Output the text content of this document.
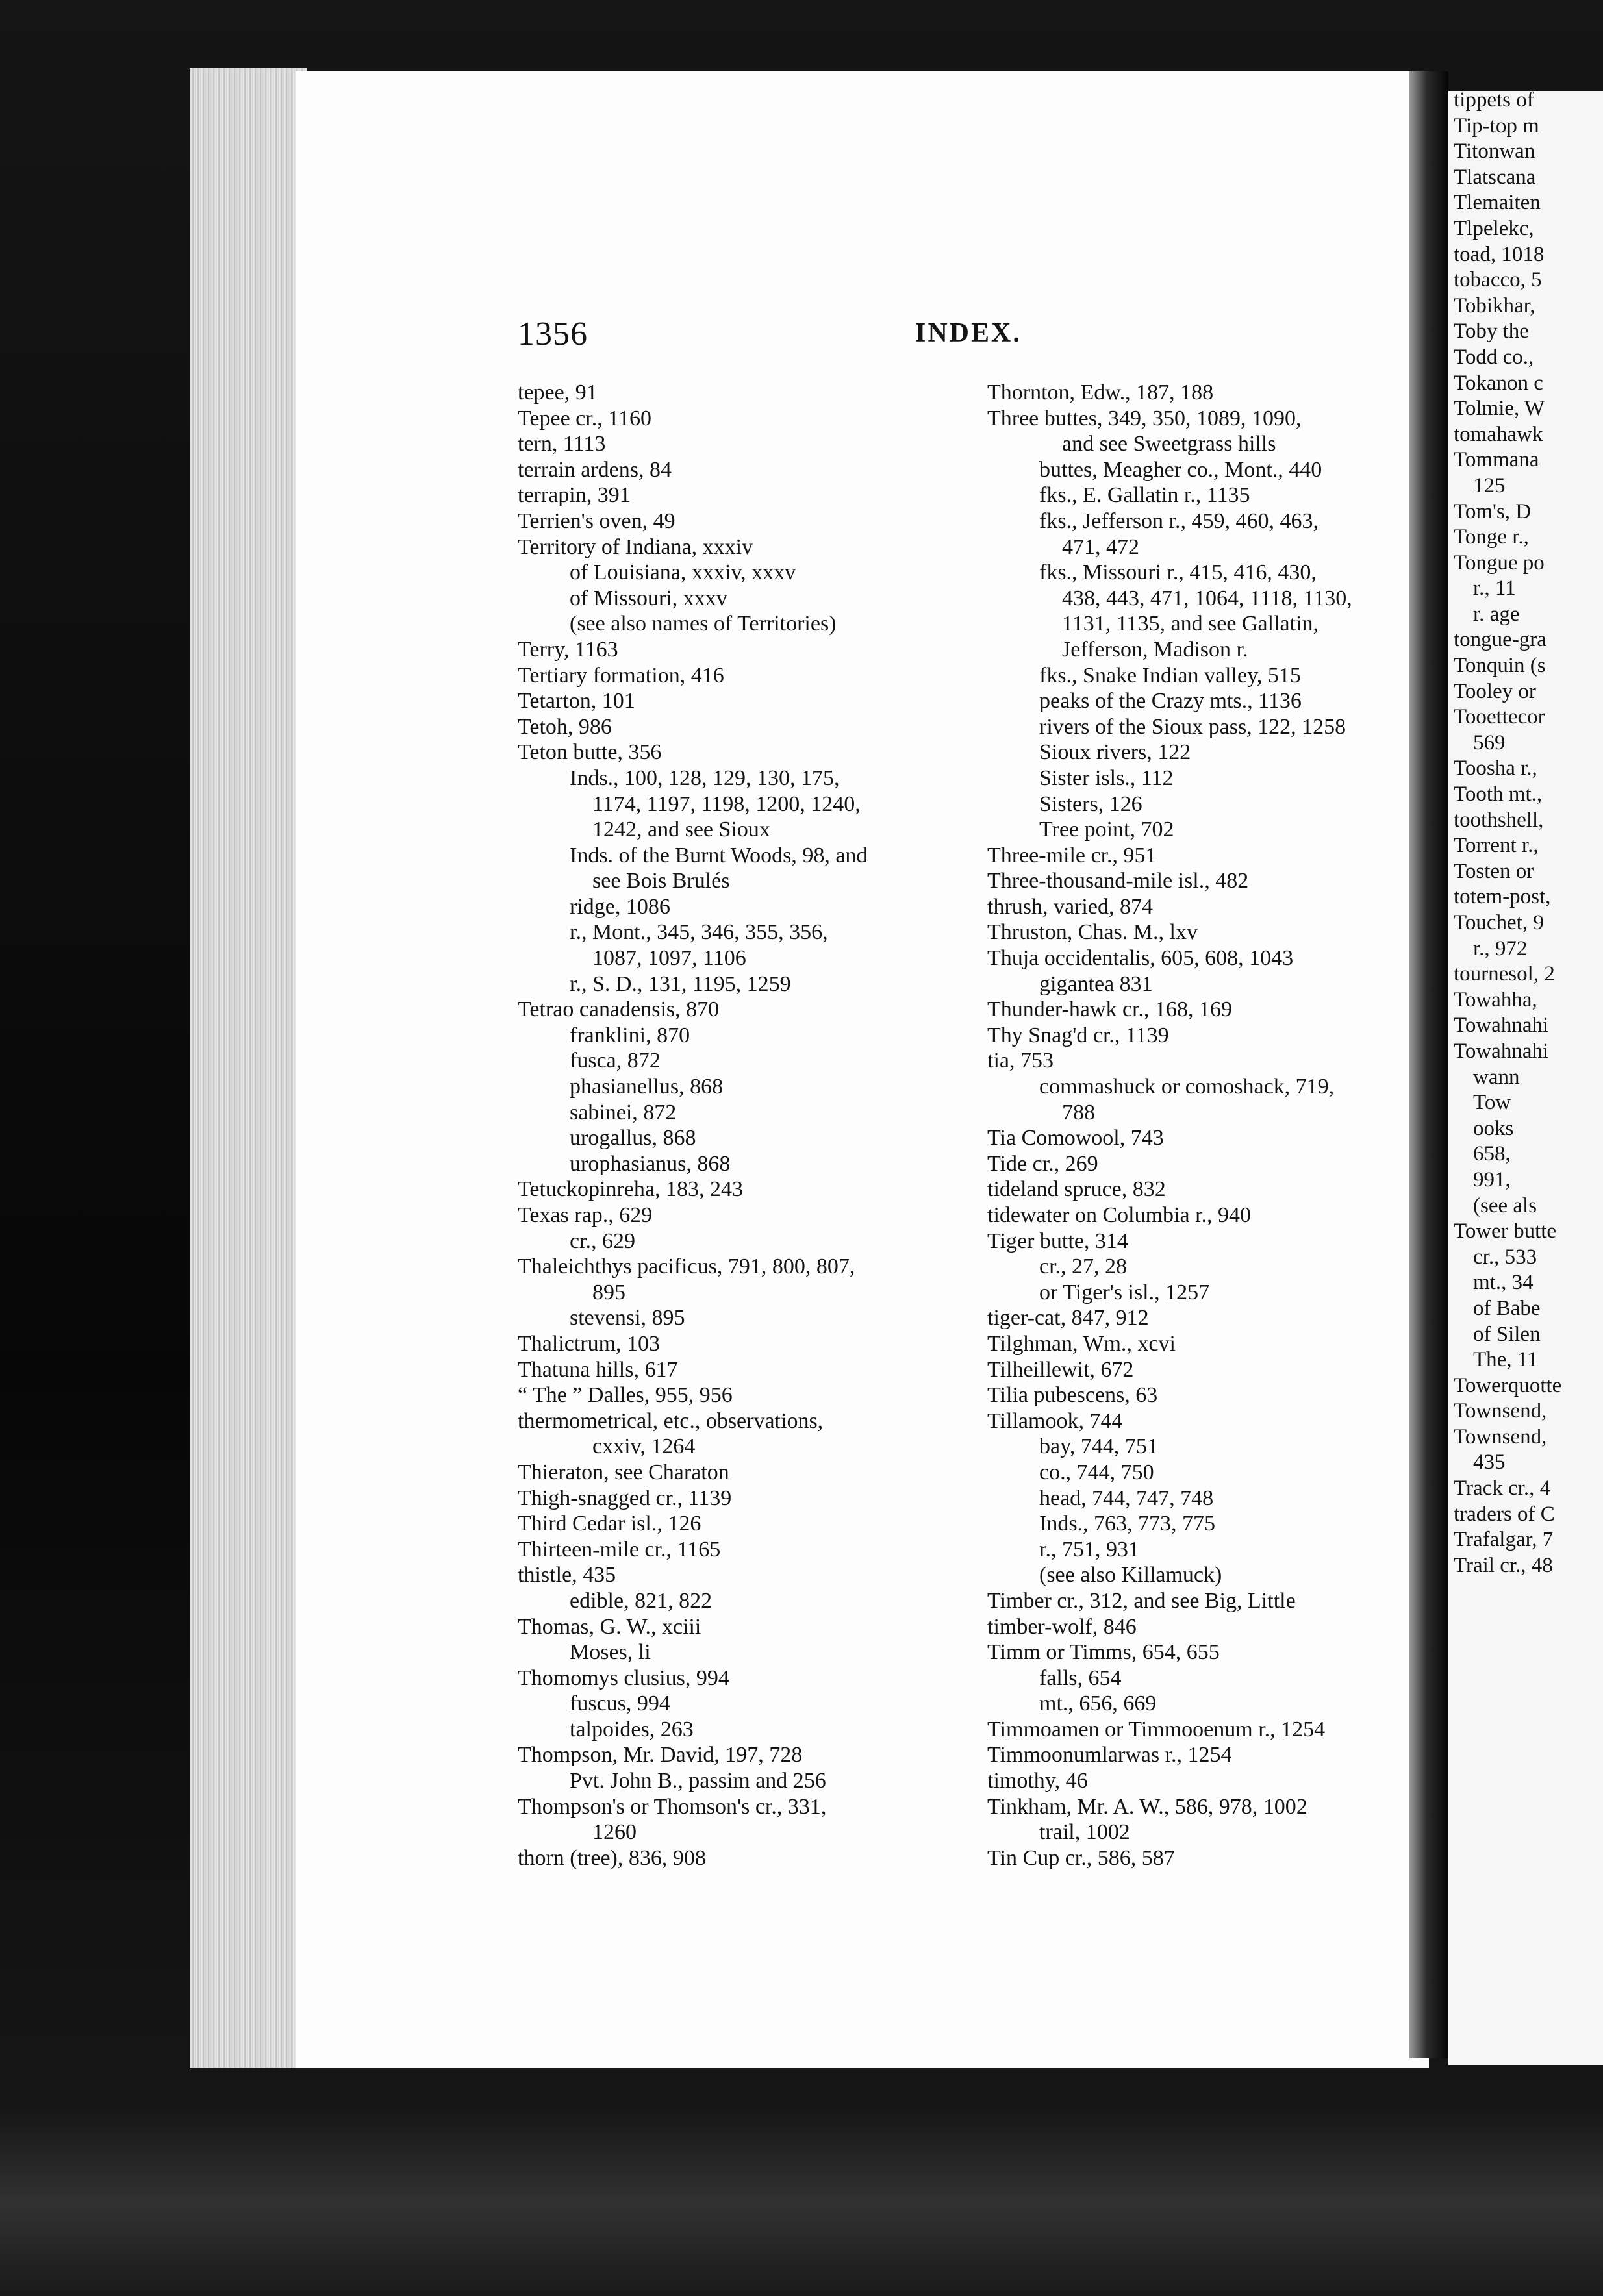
tippets of
Tip-top m
Titonwan
Tlatscana
Tlemaiten
Tlpelekc,
toad, 1018
tobacco, 5
Tobikhar,
Toby the
Todd co.,
Tokanon c
Tolmie, W
tomahawk
Tommana
125
Tom's, D
Tonge r.,
Tongue po
r., 11
r. age
tongue-gra
Tonquin (s
Tooley or
Tooettecor
569
Toosha r.,
Tooth mt.,
toothshell,
Torrent r.,
Tosten or
totem-post,
Touchet, 9
r., 972
tournesol, 2
Towahha,
Towahnahi
Towahnahi
wann
Tow
ooks
658,
991,
(see als
Tower butte
cr., 533
mt., 34
of Babe
of Silen
The, 11
Towerquotte
Townsend,
Townsend,
435
Track cr., 4
traders of C
Trafalgar, 7
Trail cr., 48
1356	INDEX.
tepee, 91
Tepee cr., 1160
tern, 1113
terrain ardens, 84
terrapin, 391
Terrien's oven, 49
Territory of Indiana, xxxiv
of Louisiana, xxxiv, xxxv
of Missouri, xxxv
(see also names of Territories)
Terry, 1163
Tertiary formation, 416
Tetarton, 101
Tetoh, 986
Teton butte, 356
Inds., 100, 128, 129, 130, 175,
1174, 1197, 1198, 1200, 1240,
1242, and see Sioux
Inds. of the Burnt Woods, 98, and
see Bois Brulés
ridge, 1086
r., Mont., 345, 346, 355, 356,
1087, 1097, 1106
r., S. D., 131, 1195, 1259
Tetrao canadensis, 870
franklini, 870
fusca, 872
phasianellus, 868
sabinei, 872
urogallus, 868
urophasianus, 868
Tetuckopinreha, 183, 243
Texas rap., 629
cr., 629
Thaleichthys pacificus, 791, 800, 807,
895
stevensi, 895
Thalictrum, 103
Thatuna hills, 617
“ The ” Dalles, 955, 956
thermometrical, etc., observations,
cxxiv, 1264
Thieraton, see Charaton
Thigh-snagged cr., 1139
Third Cedar isl., 126
Thirteen-mile cr., 1165
thistle, 435
edible, 821, 822
Thomas, G. W., xciii
Moses, li
Thomomys clusius, 994
fuscus, 994
talpoides, 263
Thompson, Mr. David, 197, 728
Pvt. John B., passim and 256
Thompson's or Thomson's cr., 331,
1260
thorn (tree), 836, 908
Thornton, Edw., 187, 188
Three buttes, 349, 350, 1089, 1090,
and see Sweetgrass hills
buttes, Meagher co., Mont., 440
fks., E. Gallatin r., 1135
fks., Jefferson r., 459, 460, 463,
471, 472
fks., Missouri r., 415, 416, 430,
438, 443, 471, 1064, 1118, 1130,
1131, 1135, and see Gallatin,
Jefferson, Madison r.
fks., Snake Indian valley, 515
peaks of the Crazy mts., 1136
rivers of the Sioux pass, 122, 1258
Sioux rivers, 122
Sister isls., 112
Sisters, 126
Tree point, 702
Three-mile cr., 951
Three-thousand-mile isl., 482
thrush, varied, 874
Thruston, Chas. M., lxv
Thuja occidentalis, 605, 608, 1043
gigantea 831
Thunder-hawk cr., 168, 169
Thy Snag'd cr., 1139
tia, 753
commashuck or comoshack, 719,
788
Tia Comowool, 743
Tide cr., 269
tideland spruce, 832
tidewater on Columbia r., 940
Tiger butte, 314
cr., 27, 28
or Tiger's isl., 1257
tiger-cat, 847, 912
Tilghman, Wm., xcvi
Tilheillewit, 672
Tilia pubescens, 63
Tillamook, 744
bay, 744, 751
co., 744, 750
head, 744, 747, 748
Inds., 763, 773, 775
r., 751, 931
(see also Killamuck)
Timber cr., 312, and see Big, Little
timber-wolf, 846
Timm or Timms, 654, 655
falls, 654
mt., 656, 669
Timmoamen or Timmooenum r., 1254
Timmoonumlarwas r., 1254
timothy, 46
Tinkham, Mr. A. W., 586, 978, 1002
trail, 1002
Tin Cup cr., 586, 587
